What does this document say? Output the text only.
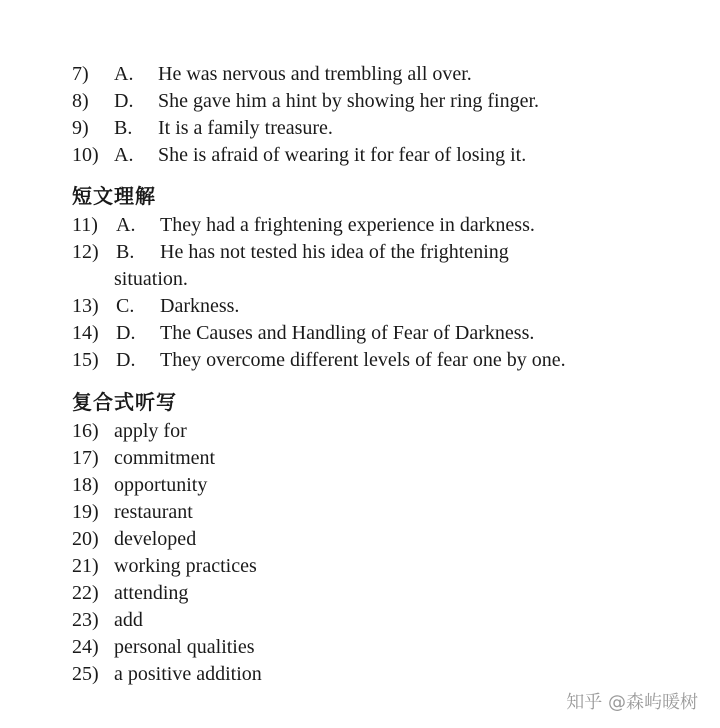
7) A. He was nervous and trembling all over.
8) D. She gave him a hint by showing her ring finger.
9) B. It is a family treasure.
10) A. She is afraid of wearing it for fear of losing it.
短文理解
11) A. They had a frightening experience in darkness.
12) B. He has not tested his idea of the frightening
situation.
13) C. Darkness.
14) D. The Causes and Handling of Fear of Darkness.
15) D. They overcome different levels of fear one by one.
复合式听写
16) apply for
17) commitment
18) opportunity
19) restaurant
20) developed
21) working practices
22) attending
23) add
24) personal qualities
25) a positive addition
知乎 @森屿暖树
